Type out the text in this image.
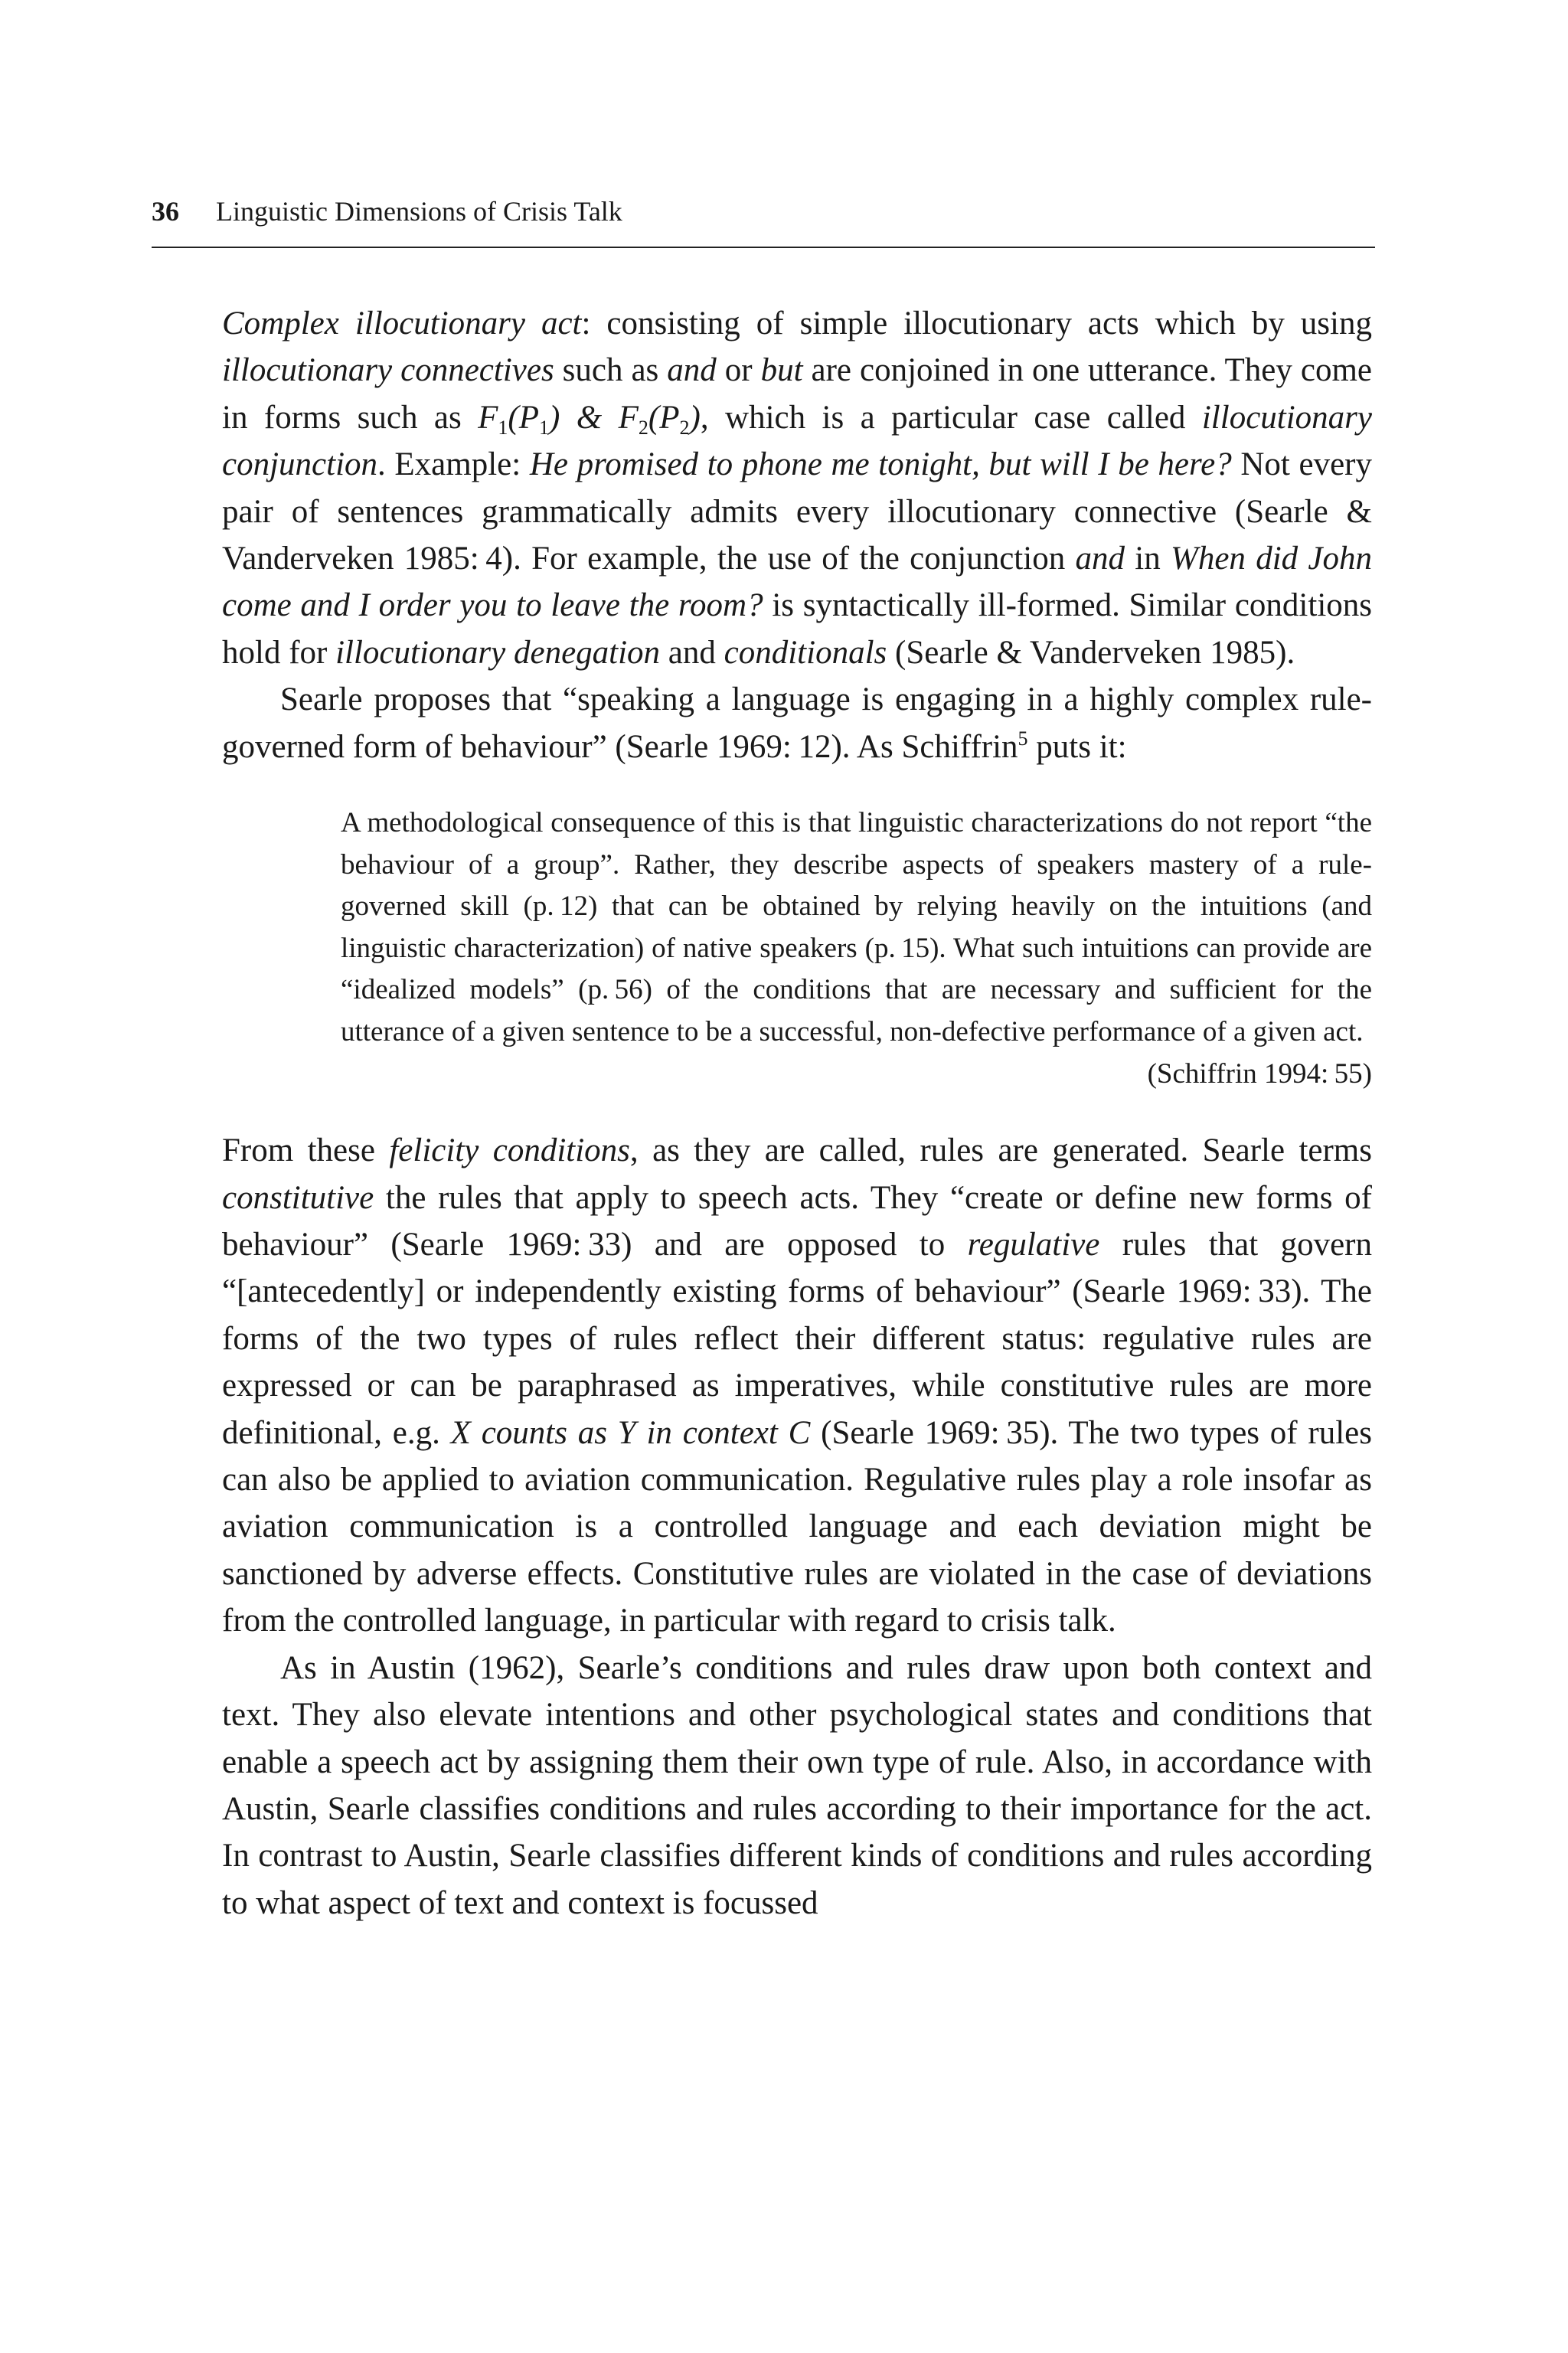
36 Linguistic Dimensions of Crisis Talk

Complex illocutionary act: consisting of simple illocutionary acts which by using illocutionary connectives such as and or but are conjoined in one utterance. They come in forms such as $F_1(P_1)$ & $F_2(P_2)$, which is a particular case called illocutionary conjunction. Example: He promised to phone me tonight, but will I be here? Not every pair of sentences grammatically admits every illocutionary connective (Searle & Vanderveken 1985: 4). For example, the use of the conjunction and in When did John come and I order you to leave the room? is syntactically ill-formed. Similar conditions hold for illocutionary denegation and conditionals (Searle & Vanderveken 1985).

Searle proposes that “speaking a language is engaging in a highly complex rule-governed form of behaviour” (Searle 1969: 12). As Schiffrin$^5$ puts it:

A methodological consequence of this is that linguistic characterizations do not report “the behaviour of a group”. Rather, they describe aspects of speakers mastery of a rule-governed skill (p. 12) that can be obtained by relying heavily on the intuitions (and linguistic characterization) of native speakers (p. 15). What such intuitions can provide are “idealized models” (p. 56) of the conditions that are necessary and sufficient for the utterance of a given sentence to be a successful, non-defective performance of a given act.

(Schiffrin 1994: 55)

From these felicity conditions, as they are called, rules are generated. Searle terms constitutive the rules that apply to speech acts. They “create or define new forms of behaviour” (Searle 1969: 33) and are opposed to regulative rules that govern “[antecedently] or independently existing forms of behaviour” (Searle 1969: 33). The forms of the two types of rules reflect their different status: regulative rules are expressed or can be paraphrased as imperatives, while constitutive rules are more definitional, e.g. X counts as Y in context C (Searle 1969: 35). The two types of rules can also be applied to aviation communication. Regulative rules play a role insofar as aviation communication is a controlled language and each deviation might be sanctioned by adverse effects. Constitutive rules are violated in the case of deviations from the controlled language, in particular with regard to crisis talk.

As in Austin (1962), Searle’s conditions and rules draw upon both context and text. They also elevate intentions and other psychological states and conditions that enable a speech act by assigning them their own type of rule. Also, in accordance with Austin, Searle classifies conditions and rules according to their importance for the act. In contrast to Austin, Searle classifies different kinds of conditions and rules according to what aspect of text and context is focussed
